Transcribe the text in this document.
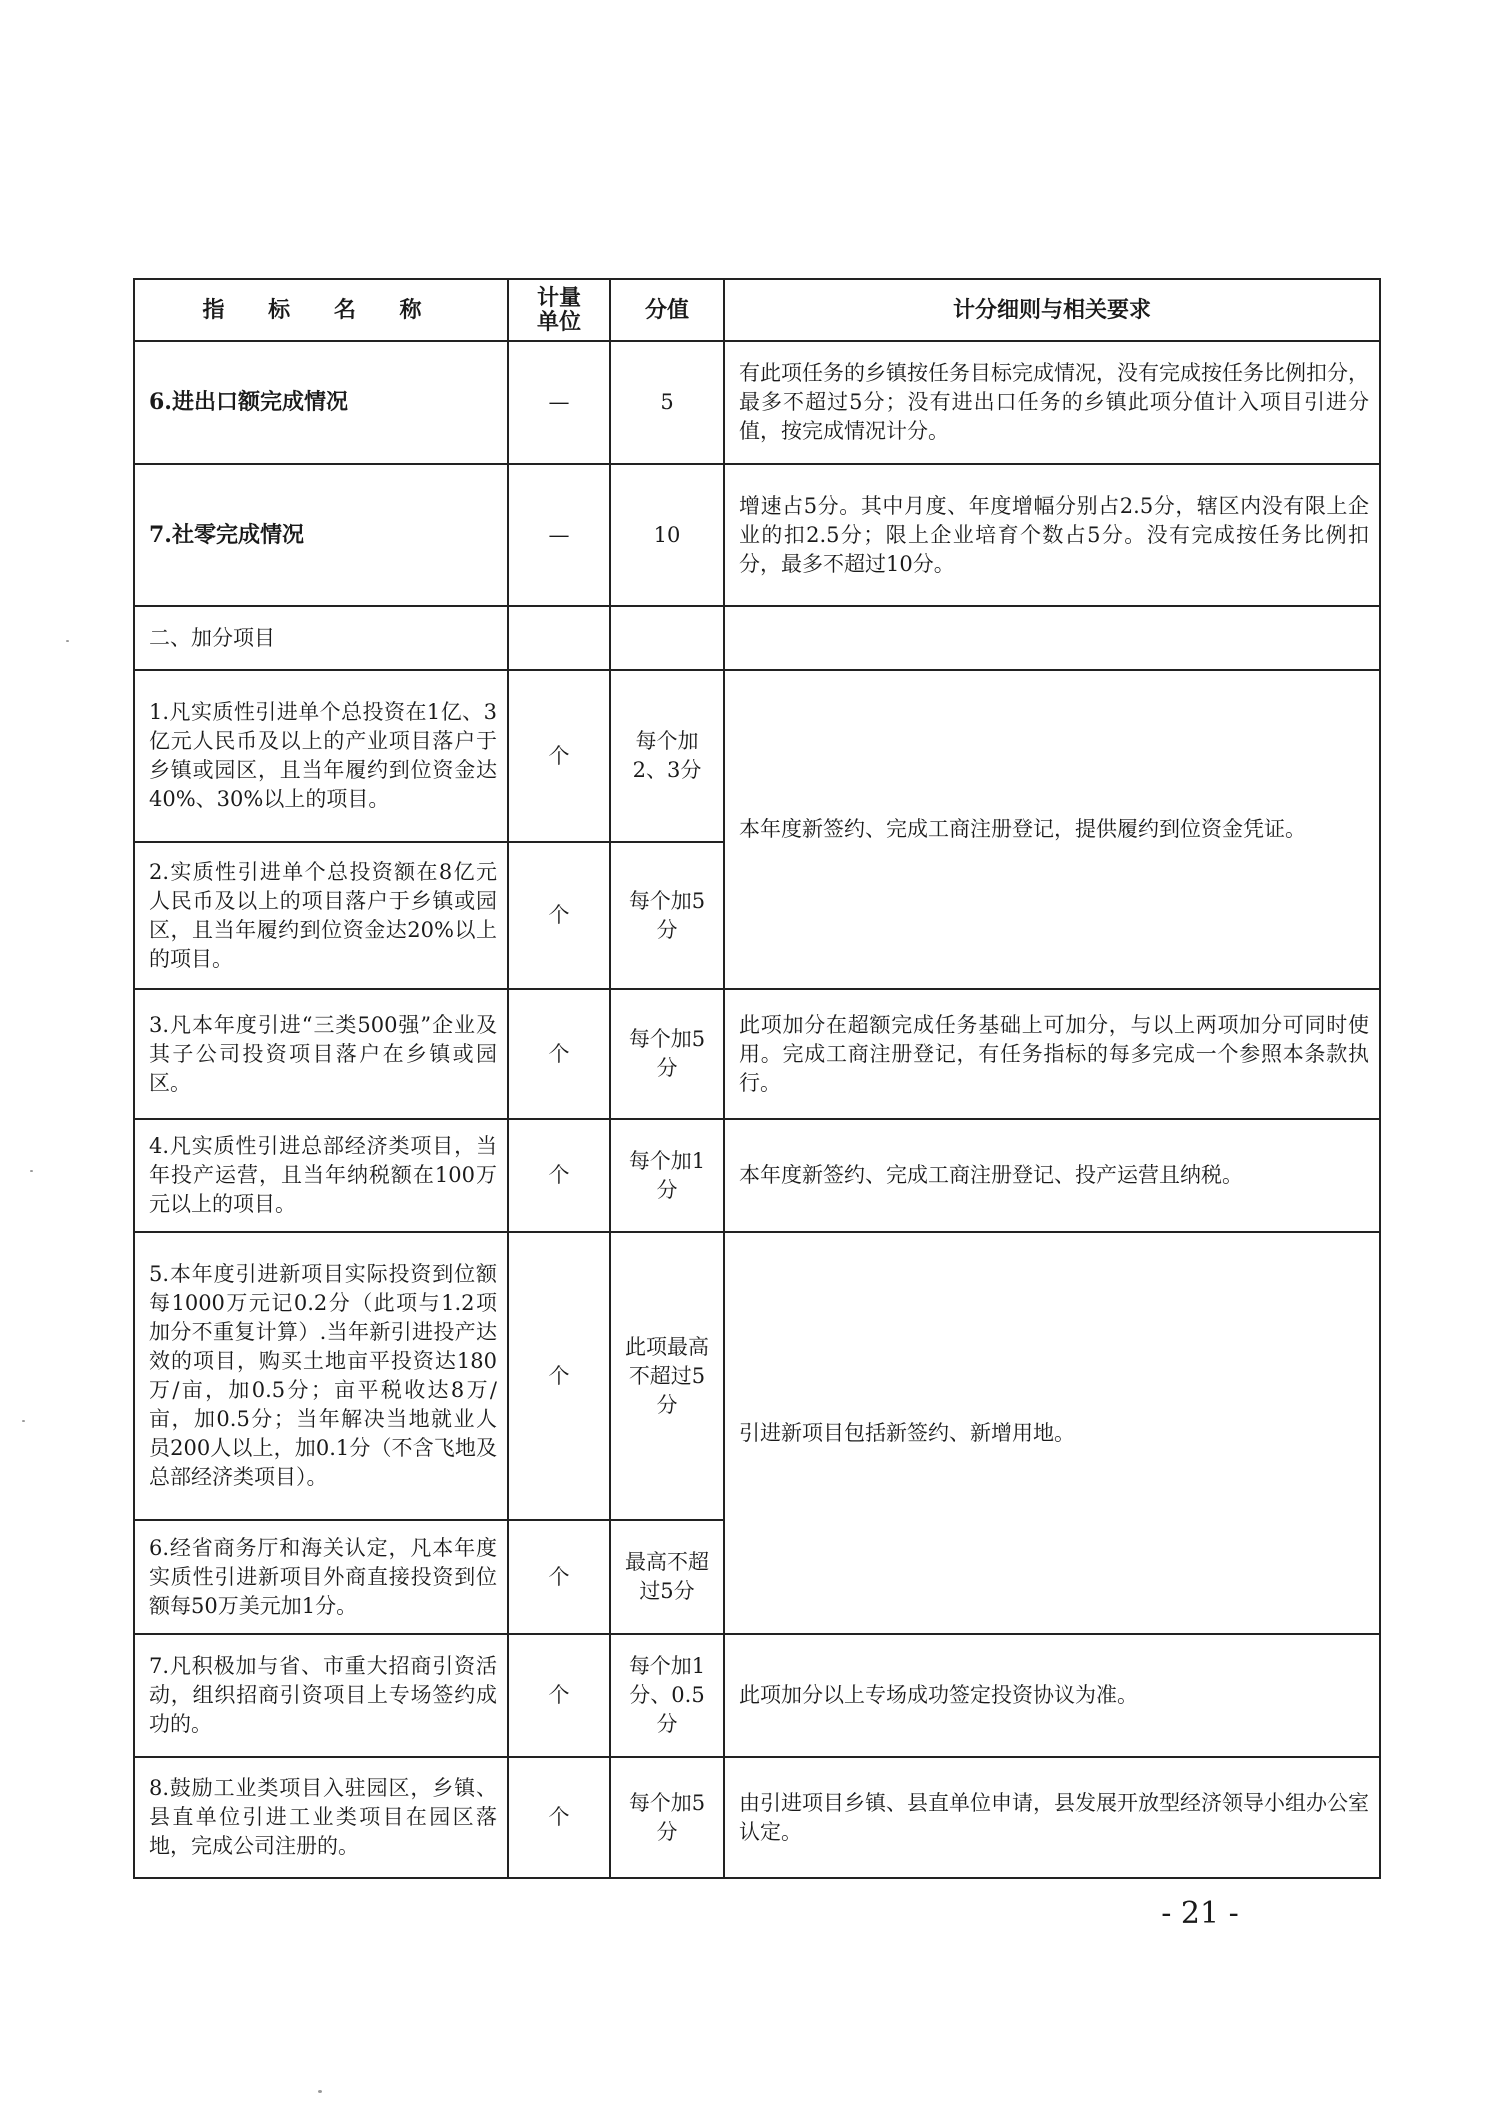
指 标 名 称	计量单位	分值	计分细则与相关要求
6.进出口额完成情况	—	5	有此项任务的乡镇按任务目标完成情况，没有完成按任务比例扣分，最多不超过5分；没有进出口任务的乡镇此项分值计入项目引进分值，按完成情况计分。
7.社零完成情况	—	10	增速占5分。其中月度、年度增幅分别占2.5分，辖区内没有限上企业的扣2.5分；限上企业培育个数占5分。没有完成按任务比例扣分，最多不超过10分。
二、加分项目			
1.凡实质性引进单个总投资在1亿、3亿元人民币及以上的产业项目落户于乡镇或园区，且当年履约到位资金达40%、30%以上的项目。	个	每个加2、3分	本年度新签约、完成工商注册登记，提供履约到位资金凭证。
2.实质性引进单个总投资额在8亿元人民币及以上的项目落户于乡镇或园区，且当年履约到位资金达20%以上的项目。	个	每个加5分	
3.凡本年度引进“三类500强”企业及其子公司投资项目落户在乡镇或园区。	个	每个加5分	此项加分在超额完成任务基础上可加分，与以上两项加分可同时使用。完成工商注册登记，有任务指标的每多完成一个参照本条款执行。
4.凡实质性引进总部经济类项目，当年投产运营，且当年纳税额在100万元以上的项目。	个	每个加1分	本年度新签约、完成工商注册登记、投产运营且纳税。
5.本年度引进新项目实际投资到位额每1000万元记0.2分（此项与1.2项加分不重复计算）.当年新引进投产达效的项目，购买土地亩平投资达180万/亩，加0.5分；亩平税收达8万/亩，加0.5分；当年解决当地就业人员200人以上，加0.1分（不含飞地及总部经济类项目）。	个	此项最高不超过5分	引进新项目包括新签约、新增用地。
6.经省商务厅和海关认定，凡本年度实质性引进新项目外商直接投资到位额每50万美元加1分。	个	最高不超过5分	
7.凡积极加与省、市重大招商引资活动，组织招商引资项目上专场签约成功的。	个	每个加1分、0.5分	此项加分以上专场成功签定投资协议为准。
8.鼓励工业类项目入驻园区，乡镇、县直单位引进工业类项目在园区落地，完成公司注册的。	个	每个加5分	由引进项目乡镇、县直单位申请，县发展开放型经济领导小组办公室认定。
- 21 -
